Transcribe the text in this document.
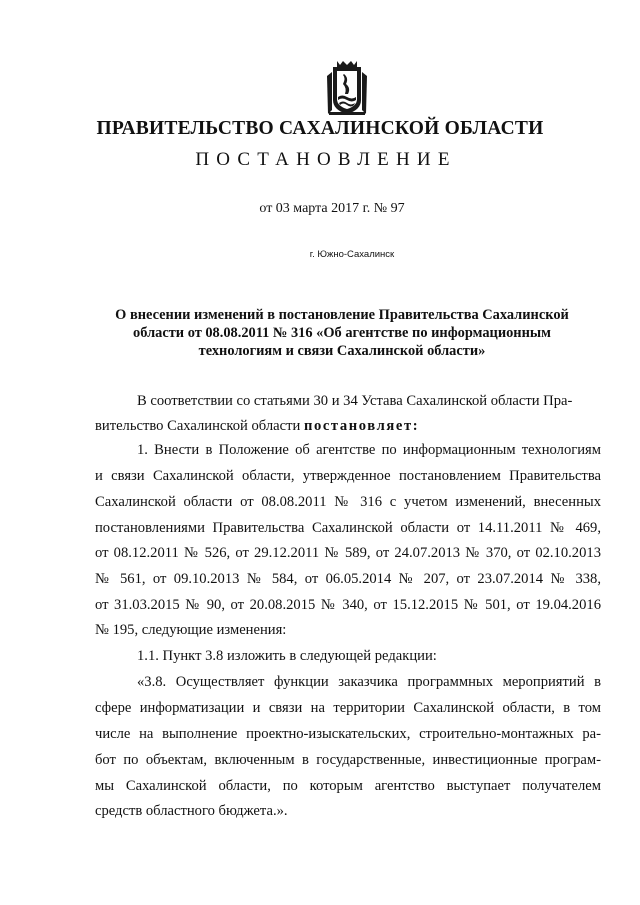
ПРАВИТЕЛЬСТВО САХАЛИНСКОЙ ОБЛАСТИ
ПОСТАНОВЛЕНИЕ
от 03 марта 2017 г. № 97
г. Южно-Сахалинск
О внесении изменений в постановление Правительства Сахалинской
области от 08.08.2011 № 316 «Об агентстве по информационным
технологиям и связи Сахалинской области»
В соответствии со статьями 30 и 34 Устава Сахалинской области Пра-
вительство Сахалинской области постановляет:
1. Внести в Положение об агентстве по информационным технологиям
и связи Сахалинской области, утвержденное постановлением Правительства
Сахалинской области от 08.08.2011 № 316 с учетом изменений, внесенных
постановлениями Правительства Сахалинской области от 14.11.2011 № 469,
от 08.12.2011 № 526, от 29.12.2011 № 589, от 24.07.2013 № 370, от 02.10.2013
№ 561, от 09.10.2013 № 584, от 06.05.2014 № 207, от 23.07.2014 № 338,
от 31.03.2015 № 90, от 20.08.2015 № 340, от 15.12.2015 № 501, от 19.04.2016
№ 195, следующие изменения:
1.1. Пункт 3.8 изложить в следующей редакции:
«3.8. Осуществляет функции заказчика программных мероприятий в
сфере информатизации и связи на территории Сахалинской области, в том
числе на выполнение проектно-изыскательских, строительно-монтажных ра-
бот по объектам, включенным в государственные, инвестиционные програм-
мы Сахалинской области, по которым агентство выступает получателем
средств областного бюджета.».
